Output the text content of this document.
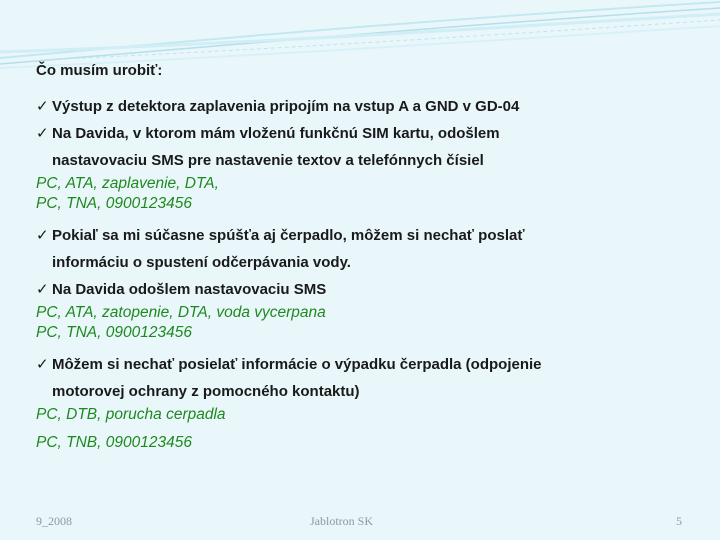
Čo musím urobiť:
✓ Výstup z detektora zaplavenia pripojím na vstup A a GND v GD-04
✓ Na Davida, v ktorom mám vloženú funkčnú SIM kartu, odošlem
nastavovaciu SMS pre nastavenie textov a telefónnych čísiel

PC, ATA, zaplavenie, DTA,

PC, TNA, 0900123456

✓ Pokiaľ sa mi súčasne spúšťa aj čerpadlo, môžem si nechať poslať
informáciu o spustení odčerpávania vody.
✓ Na Davida odošlem nastavovaciu SMS

PC, ATA, zatopenie, DTA, voda vycerpana

PC, TNA, 0900123456

✓ Môžem si nechať posielať informácie o výpadku čerpadla (odpojenie
motorovej ochrany z pomocného kontaktu)

PC, DTB, porucha cerpadla

PC, TNB, 0900123456

9_2008	Jablotron SK	5
